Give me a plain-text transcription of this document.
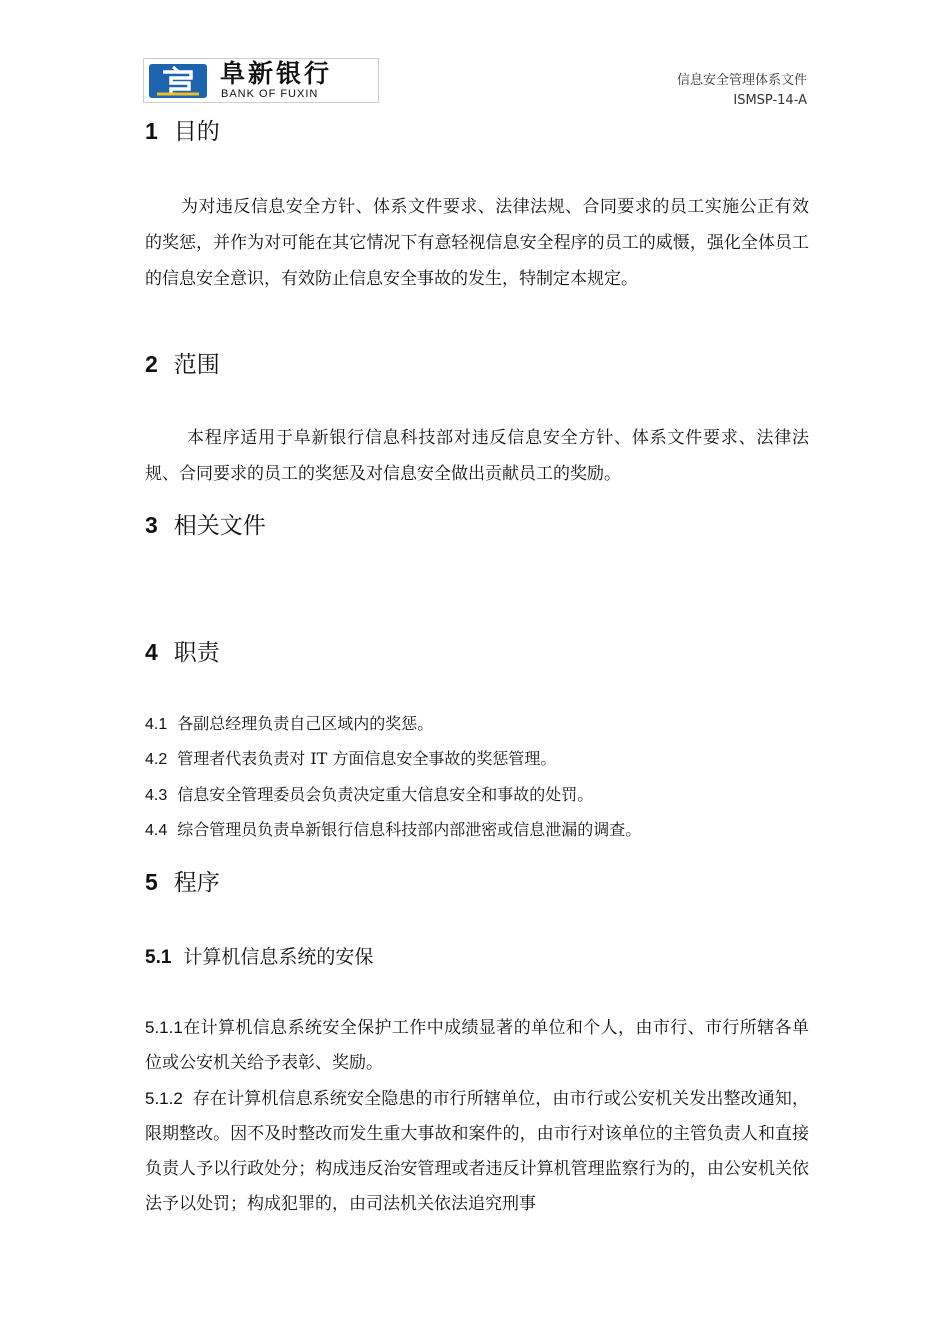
阜新银行
BANK OF FUXIN
信息安全管理体系文件
ISMSP-14-A
1 目的

为对违反信息安全方针、体系文件要求、法律法规、合同要求的员工实施公正有效的奖惩，并作为对可能在其它情况下有意轻视信息安全程序的员工的威慑，强化全体员工的信息安全意识，有效防止信息安全事故的发生，特制定本规定。

2 范围

本程序适用于阜新银行信息科技部对违反信息安全方针、体系文件要求、法律法规、合同要求的员工的奖惩及对信息安全做出贡献员工的奖励。

3 相关文件
4 职责
4.1 各副总经理负责自己区域内的奖惩。
4.2 管理者代表负责对 IT 方面信息安全事故的奖惩管理。
4.3 信息安全管理委员会负责决定重大信息安全和事故的处罚。
4.4 综合管理员负责阜新银行信息科技部内部泄密或信息泄漏的调查。
5 程序
5.1 计算机信息系统的安保

5.1.1在计算机信息系统安全保护工作中成绩显著的单位和个人，由市行、市行所辖各单位或公安机关给予表彰、奖励。

5.1.2 存在计算机信息系统安全隐患的市行所辖单位，由市行或公安机关发出整改通知，限期整改。因不及时整改而发生重大事故和案件的，由市行对该单位的主管负责人和直接负责人予以行政处分；构成违反治安管理或者违反计算机管理监察行为的，由公安机关依法予以处罚；构成犯罪的，由司法机关依法追究刑事
